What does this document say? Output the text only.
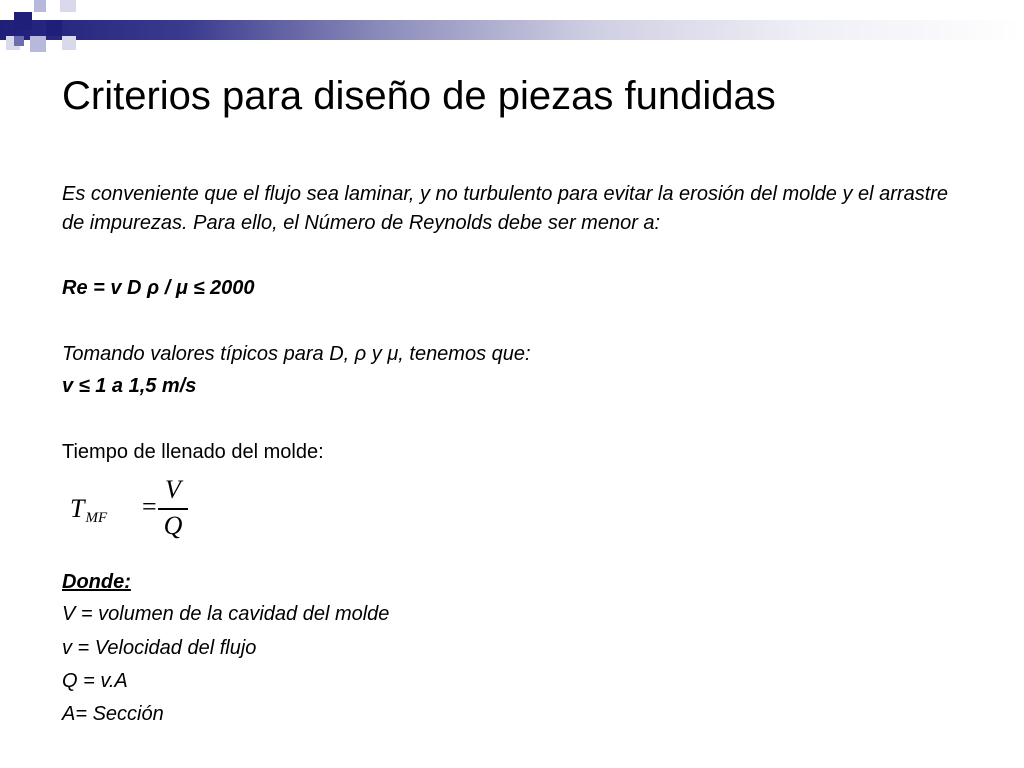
Criterios para diseño de piezas fundidas
Es conveniente que el flujo sea laminar, y no turbulento para evitar la erosión del molde y el arrastre de impurezas. Para ello, el Número de Reynolds debe ser menor a:
Re = v D ρ / μ ≤ 2000
Tomando valores típicos para D, ρ y μ, tenemos que:
v ≤ 1 a 1,5 m/s
Tiempo de llenado del molde:
TMF =
V
Q
Donde:
V = volumen de la cavidad del molde
v = Velocidad del flujo
Q = v.A
A= Sección
